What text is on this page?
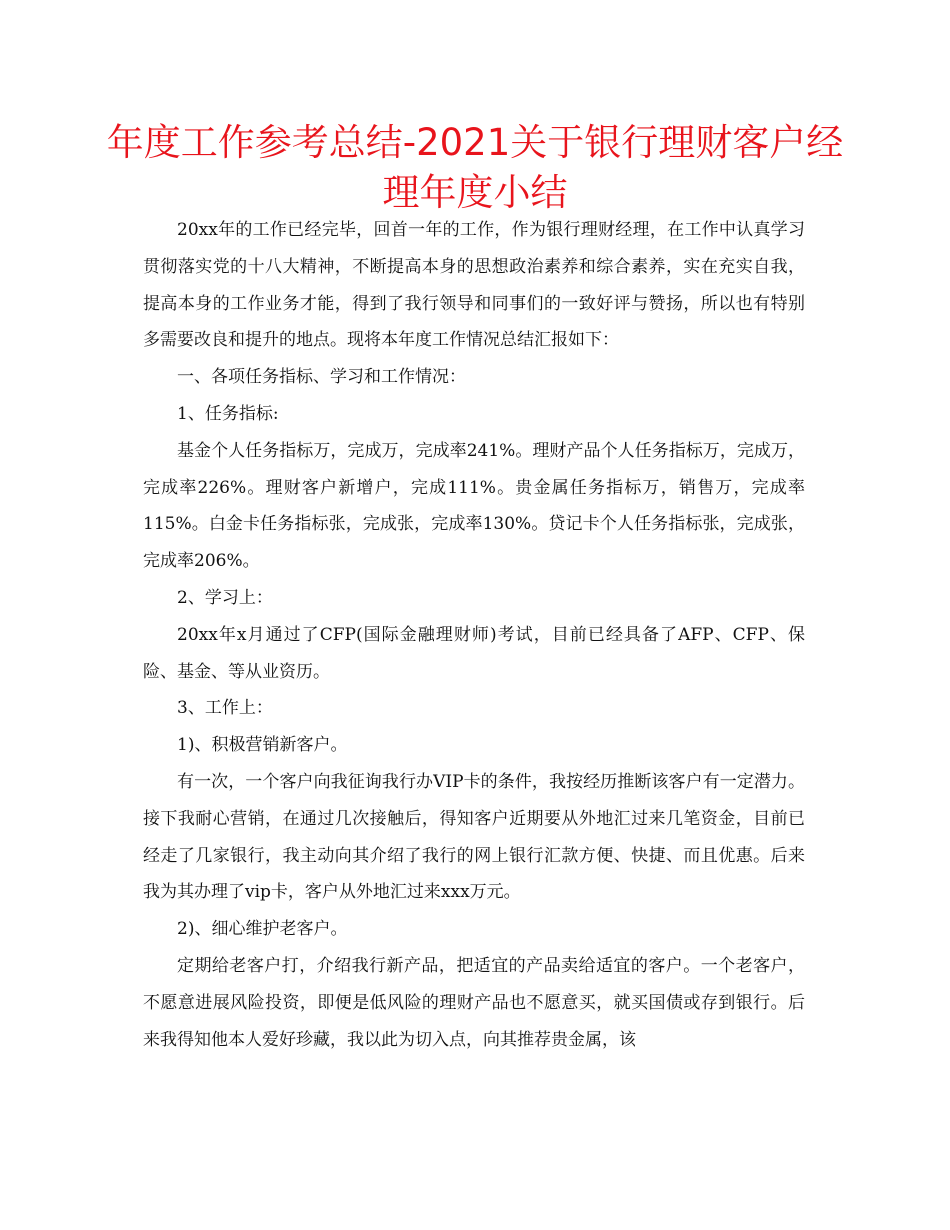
年度工作参考总结-2021关于银行理财客户经理年度小结

20xx年的工作已经完毕，回首一年的工作，作为银行理财经理，在工作中认真学习贯彻落实党的十八大精神，不断提高本身的思想政治素养和综合素养，实在充实自我，提高本身的工作业务才能，得到了我行领导和同事们的一致好评与赞扬，所以也有特别多需要改良和提升的地点。现将本年度工作情况总结汇报如下：

一、各项任务指标、学习和工作情况：

1、任务指标:

基金个人任务指标万，完成万，完成率241%。理财产品个人任务指标万，完成万，完成率226%。理财客户新增户，完成111%。贵金属任务指标万，销售万，完成率115%。白金卡任务指标张，完成张，完成率130%。贷记卡个人任务指标张，完成张，完成率206%。

2、学习上：

20xx年x月通过了CFP(国际金融理财师)考试，目前已经具备了AFP、CFP、保险、基金、等从业资历。

3、工作上：

1)、积极营销新客户。

有一次，一个客户向我征询我行办VIP卡的条件，我按经历推断该客户有一定潜力。接下我耐心营销，在通过几次接触后，得知客户近期要从外地汇过来几笔资金，目前已经走了几家银行，我主动向其介绍了我行的网上银行汇款方便、快捷、而且优惠。后来我为其办理了vip卡，客户从外地汇过来xxx万元。

2)、细心维护老客户。

定期给老客户打，介绍我行新产品，把适宜的产品卖给适宜的客户。一个老客户，不愿意进展风险投资，即便是低风险的理财产品也不愿意买，就买国债或存到银行。后来我得知他本人爱好珍藏，我以此为切入点，向其推荐贵金属，该
